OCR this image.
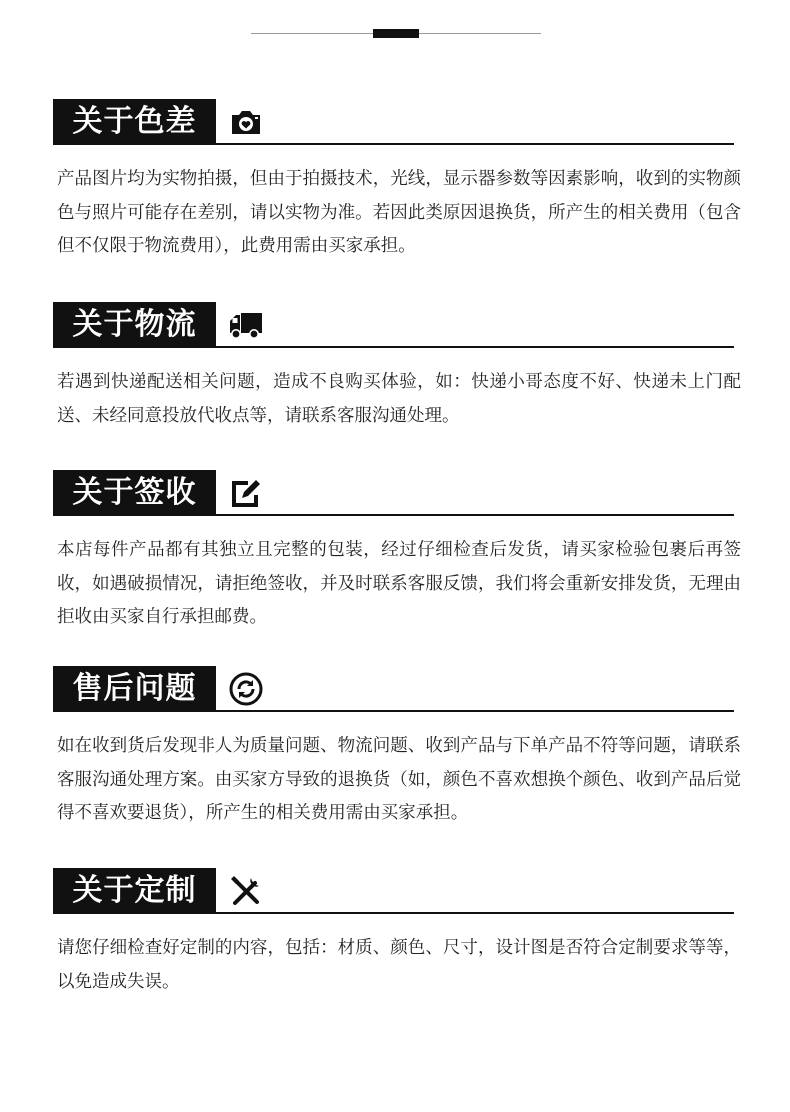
关于色差
产品图片均为实物拍摄，但由于拍摄技术，光线，显示器参数等因素影响，收到的实物颜色与照片可能存在差别，请以实物为准。若因此类原因退换货，所产生的相关费用（包含但不仅限于物流费用），此费用需由买家承担。
关于物流
若遇到快递配送相关问题，造成不良购买体验，如：快递小哥态度不好、快递未上门配送、未经同意投放代收点等，请联系客服沟通处理。
关于签收
本店每件产品都有其独立且完整的包装，经过仔细检查后发货，请买家检验包裹后再签收，如遇破损情况，请拒绝签收，并及时联系客服反馈，我们将会重新安排发货，无理由拒收由买家自行承担邮费。
售后问题
如在收到货后发现非人为质量问题、物流问题、收到产品与下单产品不符等问题，请联系客服沟通处理方案。由买家方导致的退换货（如，颜色不喜欢想换个颜色、收到产品后觉得不喜欢要退货），所产生的相关费用需由买家承担。
关于定制
请您仔细检查好定制的内容，包括：材质、颜色、尺寸，设计图是否符合定制要求等等，以免造成失误。
